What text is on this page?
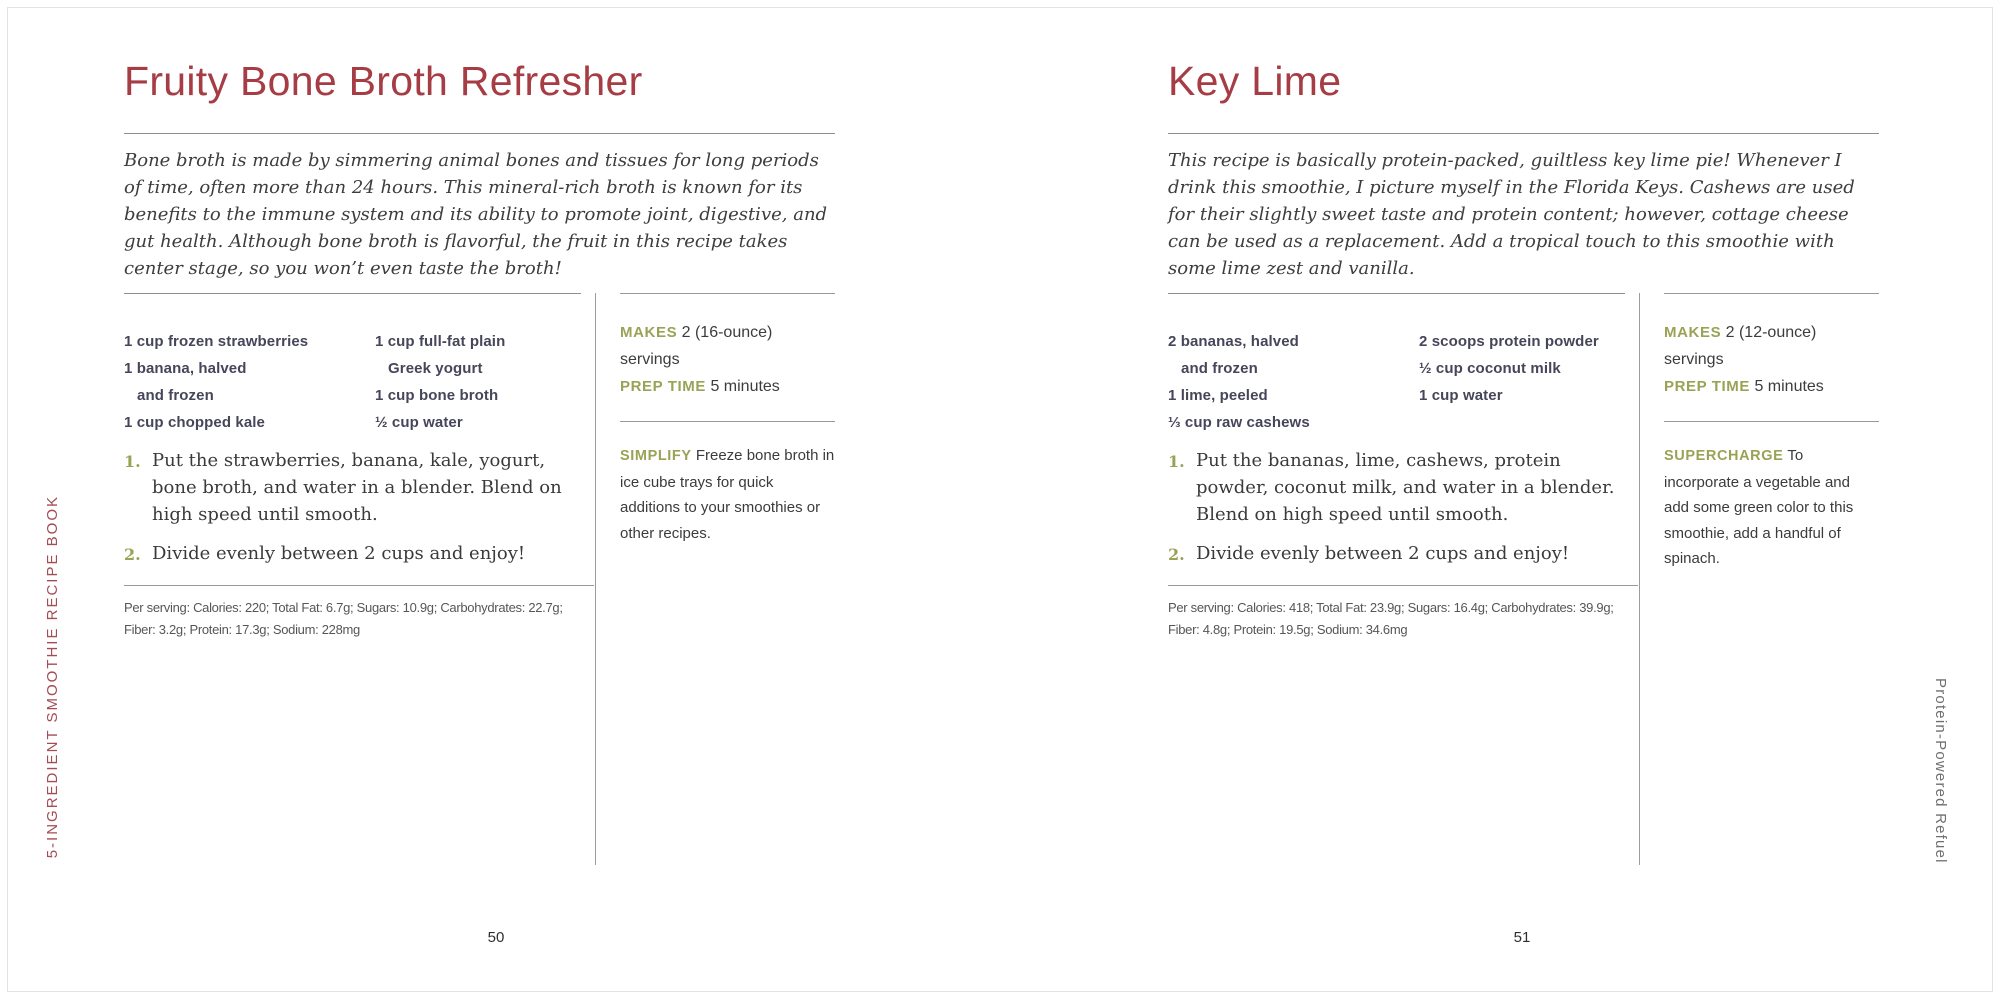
Fruity Bone Broth Refresher

Bone broth is made by simmering animal bones and tissues for long periods of time, often more than 24 hours. This mineral-rich broth is known for its benefits to the immune system and its ability to promote joint, digestive, and gut health. Although bone broth is flavorful, the fruit in this recipe takes center stage, so you won’t even taste the broth!

1 cup frozen strawberries
1 banana, halved
and frozen
1 cup chopped kale
1 cup full-fat plain
Greek yogurt
1 cup bone broth
½ cup water
1. Put the strawberries, banana, kale, yogurt, bone broth, and water in a blender. Blend on high speed until smooth.
2. Divide evenly between 2 cups and enjoy!
Per serving: Calories: 220; Total Fat: 6.7g; Sugars: 10.9g; Carbohydrates: 22.7g; Fiber: 3.2g; Protein: 17.3g; Sodium: 228mg

MAKES 2 (16-ounce) servings

PREP TIME 5 minutes

SIMPLIFY Freeze bone broth in ice cube trays for quick additions to your smoothies or other recipes.

50
Key Lime

This recipe is basically protein-packed, guiltless key lime pie! Whenever I drink this smoothie, I picture myself in the Florida Keys. Cashews are used for their slightly sweet taste and protein content; however, cottage cheese can be used as a replacement. Add a tropical touch to this smoothie with some lime zest and vanilla.

2 bananas, halved
and frozen
1 lime, peeled
⅓ cup raw cashews
2 scoops protein powder
½ cup coconut milk
1 cup water
1. Put the bananas, lime, cashews, protein powder, coconut milk, and water in a blender. Blend on high speed until smooth.
2. Divide evenly between 2 cups and enjoy!
Per serving: Calories: 418; Total Fat: 23.9g; Sugars: 16.4g; Carbohydrates: 39.9g; Fiber: 4.8g; Protein: 19.5g; Sodium: 34.6mg

MAKES 2 (12-ounce) servings

PREP TIME 5 minutes

SUPERCHARGE To incorporate a vegetable and add some green color to this smoothie, add a handful of spinach.

51
5-INGREDIENT SMOOTHIE RECIPE BOOK	Protein-Powered Refuel
